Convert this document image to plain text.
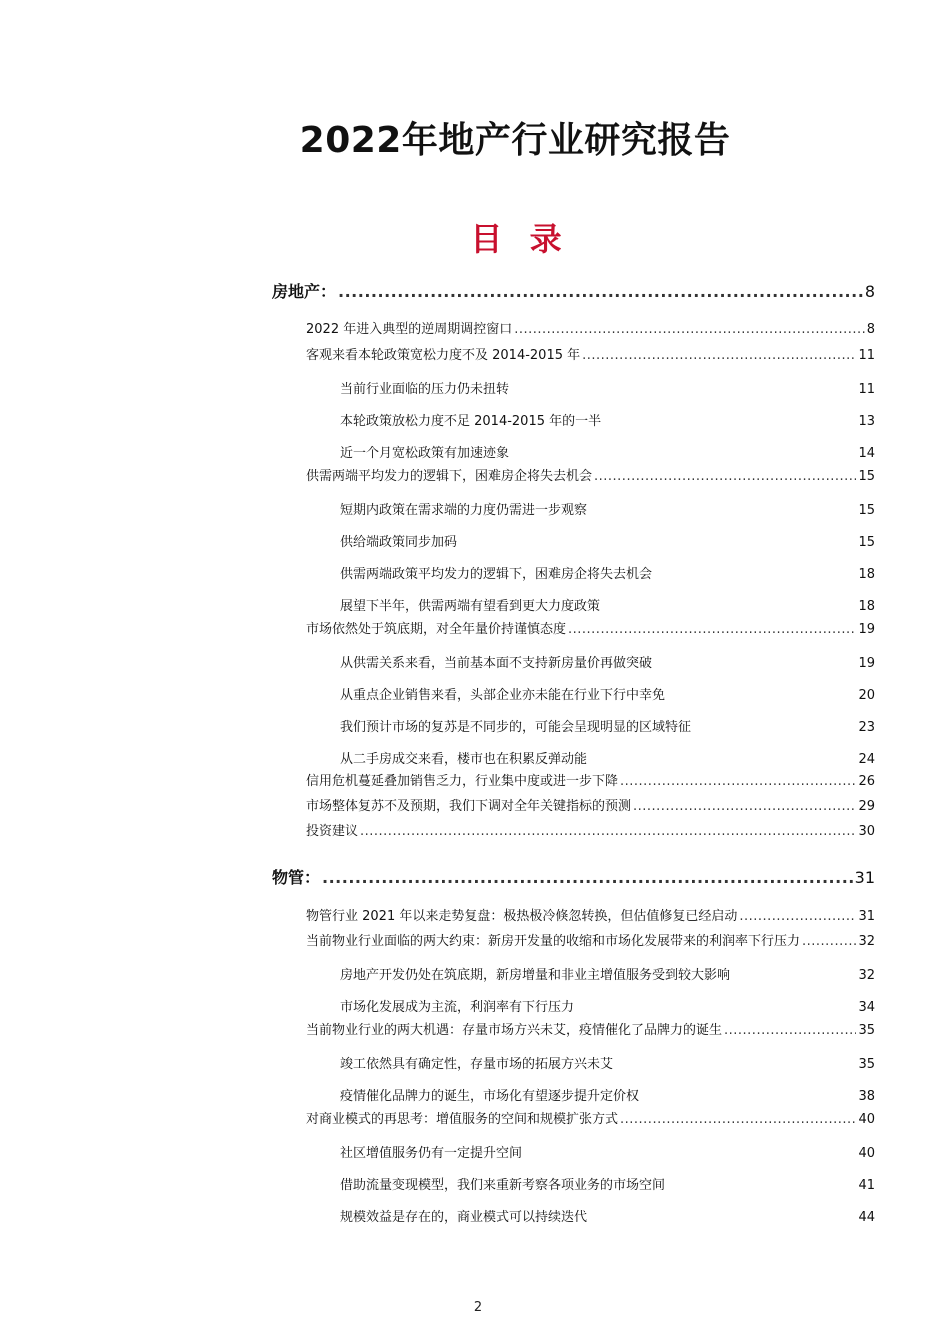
2022年地产行业研究报告
目 录
房地产： .....	8
2022 年进入典型的逆周期调控窗口 .....	8
客观来看本轮政策宽松力度不及 2014-2015 年 .....	11
当前行业面临的压力仍未扭转	11
本轮政策放松力度不足 2014-2015 年的一半	13
近一个月宽松政策有加速迹象	14
供需两端平均发力的逻辑下，困难房企将失去机会 .....	15
短期内政策在需求端的力度仍需进一步观察	15
供给端政策同步加码	15
供需两端政策平均发力的逻辑下，困难房企将失去机会	18
展望下半年，供需两端有望看到更大力度政策	18
市场依然处于筑底期，对全年量价持谨慎态度 .....	19
从供需关系来看，当前基本面不支持新房量价再做突破	19
从重点企业销售来看，头部企业亦未能在行业下行中幸免	20
我们预计市场的复苏是不同步的，可能会呈现明显的区域特征	23
从二手房成交来看，楼市也在积累反弹动能	24
信用危机蔓延叠加销售乏力，行业集中度或进一步下降 .....	26
市场整体复苏不及预期，我们下调对全年关键指标的预测 .....	29
投资建议 .....	30
物管： .....	31
物管行业 2021 年以来走势复盘：极热极冷倏忽转换，但估值修复已经启动 .....	31
当前物业行业面临的两大约束：新房开发量的收缩和市场化发展带来的利润率下行压力 .....	32
房地产开发仍处在筑底期，新房增量和非业主增值服务受到较大影响	32
市场化发展成为主流，利润率有下行压力	34
当前物业行业的两大机遇：存量市场方兴未艾，疫情催化了品牌力的诞生 .....	35
竣工依然具有确定性，存量市场的拓展方兴未艾	35
疫情催化品牌力的诞生，市场化有望逐步提升定价权	38
对商业模式的再思考：增值服务的空间和规模扩张方式 .....	40
社区增值服务仍有一定提升空间	40
借助流量变现模型，我们来重新考察各项业务的市场空间	41
规模效益是存在的，商业模式可以持续迭代	44
2
